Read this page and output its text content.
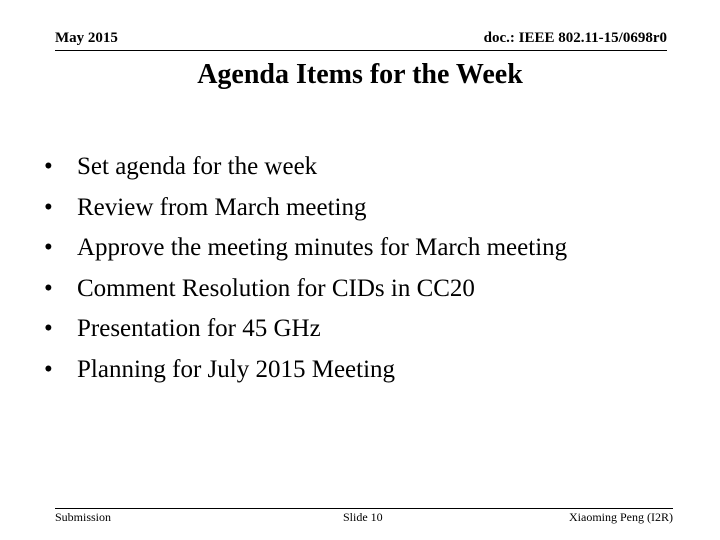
May 2015	doc.: IEEE 802.11-15/0698r0
Agenda Items for the Week
• Set agenda for the week
• Review from March meeting
• Approve the meeting minutes for March meeting
• Comment Resolution for CIDs in CC20
• Presentation for 45 GHz
• Planning for July 2015 Meeting
Submission	Slide 10	Xiaoming Peng (I2R)
